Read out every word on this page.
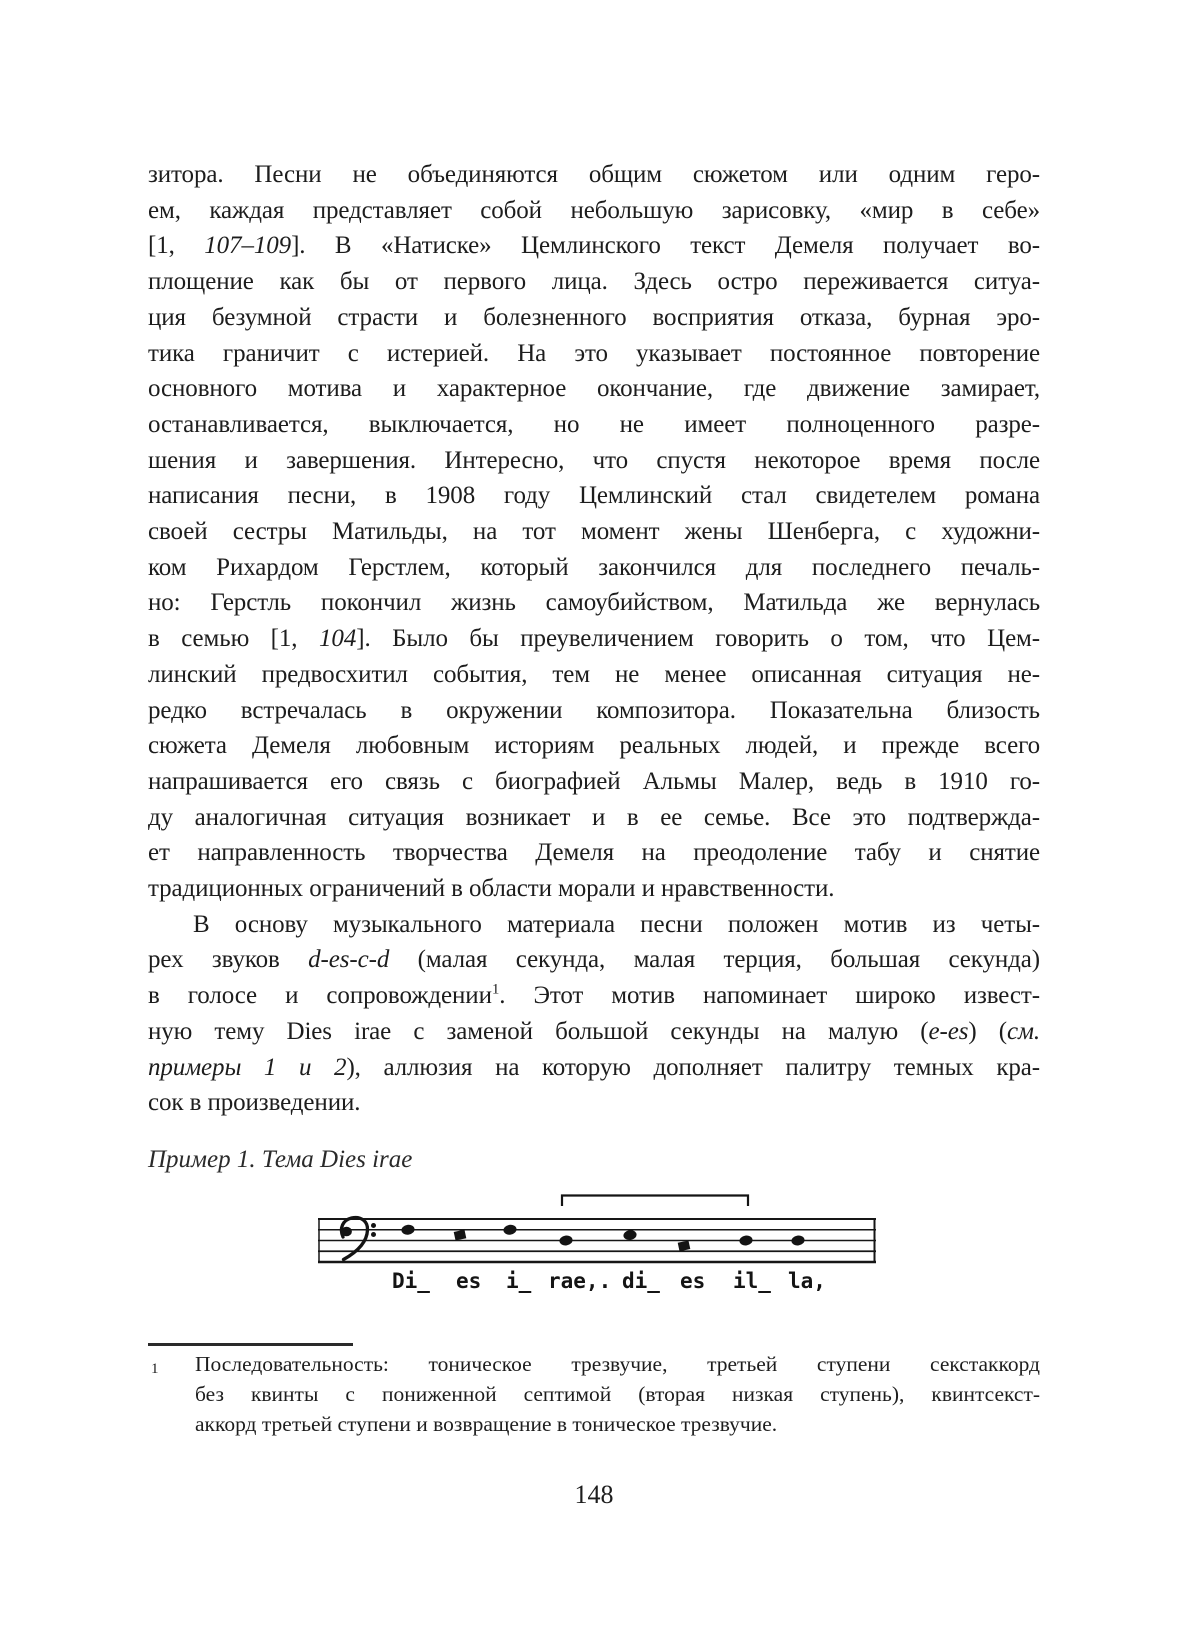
зитора. Песни не объединяются общим сюжетом или одним геро-
ем, каждая представляет собой небольшую зарисовку, «мир в себе»
[1, 107–109]. В «Натиске» Цемлинского текст Демеля получает во-
площение как бы от первого лица. Здесь остро переживается ситуа-
ция безумной страсти и болезненного восприятия отказа, бурная эро-
тика граничит с истерией. На это указывает постоянное повторение
основного мотива и характерное окончание, где движение замирает,
останавливается, выключается, но не имеет полноценного разре-
шения и завершения. Интересно, что спустя некоторое время после
написания песни, в 1908 году Цемлинский стал свидетелем романа
своей сестры Матильды, на тот момент жены Шенберга, с художни-
ком Рихардом Герстлем, который закончился для последнего печаль-
но: Герстль покончил жизнь самоубийством, Матильда же вернулась
в семью [1, 104]. Было бы преувеличением говорить о том, что Цем-
линский предвосхитил события, тем не менее описанная ситуация не-
редко встречалась в окружении композитора. Показательна близость
сюжета Демеля любовным историям реальных людей, и прежде всего
напрашивается его связь с биографией Альмы Малер, ведь в 1910 го-
ду аналогичная ситуация возникает и в ее семье. Все это подтвержда-
ет направленность творчества Демеля на преодоление табу и снятие
традиционных ограничений в области морали и нравственности.
В основу музыкального материала песни положен мотив из четы-
рех звуков d-es-c-d (малая секунда, малая терция, большая секунда)
в голосе и сопровождении$^1$. Этот мотив напоминает широко извест-
ную тему Dies irae с заменой большой секунды на малую (e-es) (см.
примеры 1 и 2), аллюзия на которую дополняет палитру темных кра-
сок в произведении.
Пример 1. Тема Dies irae
Di_ es i_ rae,. di_ es il_ la,
1 Последовательность: тоническое трезвучие, третьей ступени секстаккорд
без квинты с пониженной септимой (вторая низкая ступень), квинтсекст-
аккорд третьей ступени и возвращение в тоническое трезвучие.
148
